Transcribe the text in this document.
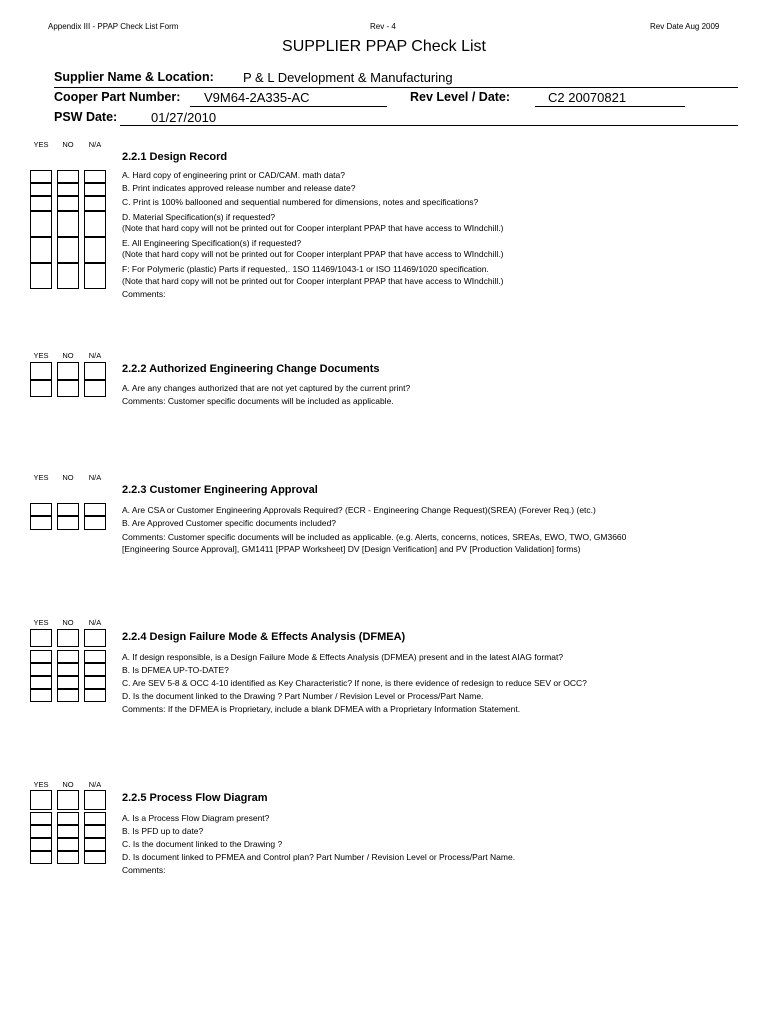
Appendix III - PPAP Check List Form	Rev - 4	Rev Date Aug 2009
SUPPLIER PPAP Check List
Supplier Name & Location: P & L Development & Manufacturing
Cooper Part Number: V9M64-2A335-AC	Rev Level / Date:	C2 20070821
PSW Date:	01/27/2010
YES	NO	N/A
2.2.1 Design Record
A. Hard copy of engineering print or CAD/CAM. math data?
B. Print indicates approved release number and release date?
C. Print is 100% ballooned and sequential numbered for dimensions, notes and specifications?
D. Material Specification(s) if requested?
(Note that hard copy will not be printed out for Cooper interplant PPAP that have access to WIndchill.)
E. All Engineering Specification(s) if requested?
(Note that hard copy will not be printed out for Cooper interplant PPAP that have access to WIndchill.)
F: For Polymeric (plastic) Parts if requested,. 1SO 11469/1043-1 or ISO 11469/1020 specification.
(Note that hard copy will not be printed out for Cooper interplant PPAP that have access to WIndchill.)
Comments:
YES	NO	N/A
2.2.2 Authorized Engineering Change Documents
A. Are any changes authorized that are not yet captured by the current print?
Comments: Customer specific documents will be included as applicable.
YES	NO	N/A
2.2.3 Customer Engineering Approval
A. Are CSA or Customer Engineering Approvals Required? (ECR - Engineering Change Request)(SREA) (Forever Req.) (etc.)
B. Are Approved Customer specific documents included?
Comments: Customer specific documents will be included as applicable. (e.g. Alerts, concerns, notices, SREAs, EWO, TWO, GM3660
[Engineering Source Approval], GM1411 [PPAP Worksheet] DV [Design Verification] and PV [Production Validation] forms)
YES	NO	N/A
2.2.4 Design Failure Mode & Effects Analysis (DFMEA)
A. If design responsible, is a Design Failure Mode & Effects Analysis (DFMEA) present and in the latest AIAG format?
B. Is DFMEA UP-TO-DATE?
C. Are SEV 5-8 & OCC 4-10 identified as Key Characteristic? If none, is there evidence of redesign to reduce SEV or OCC?
D. Is the document linked to the Drawing ? Part Number / Revision Level or Process/Part Name.
Comments: If the DFMEA is Proprietary, include a blank DFMEA with a Proprietary Information Statement.
YES	NO	N/A
2.2.5 Process Flow Diagram
A. Is a Process Flow Diagram present?
B. Is PFD up to date?
C. Is the document linked to the Drawing ?
D. Is document linked to PFMEA and Control plan? Part Number / Revision Level or Process/Part Name.
Comments:
